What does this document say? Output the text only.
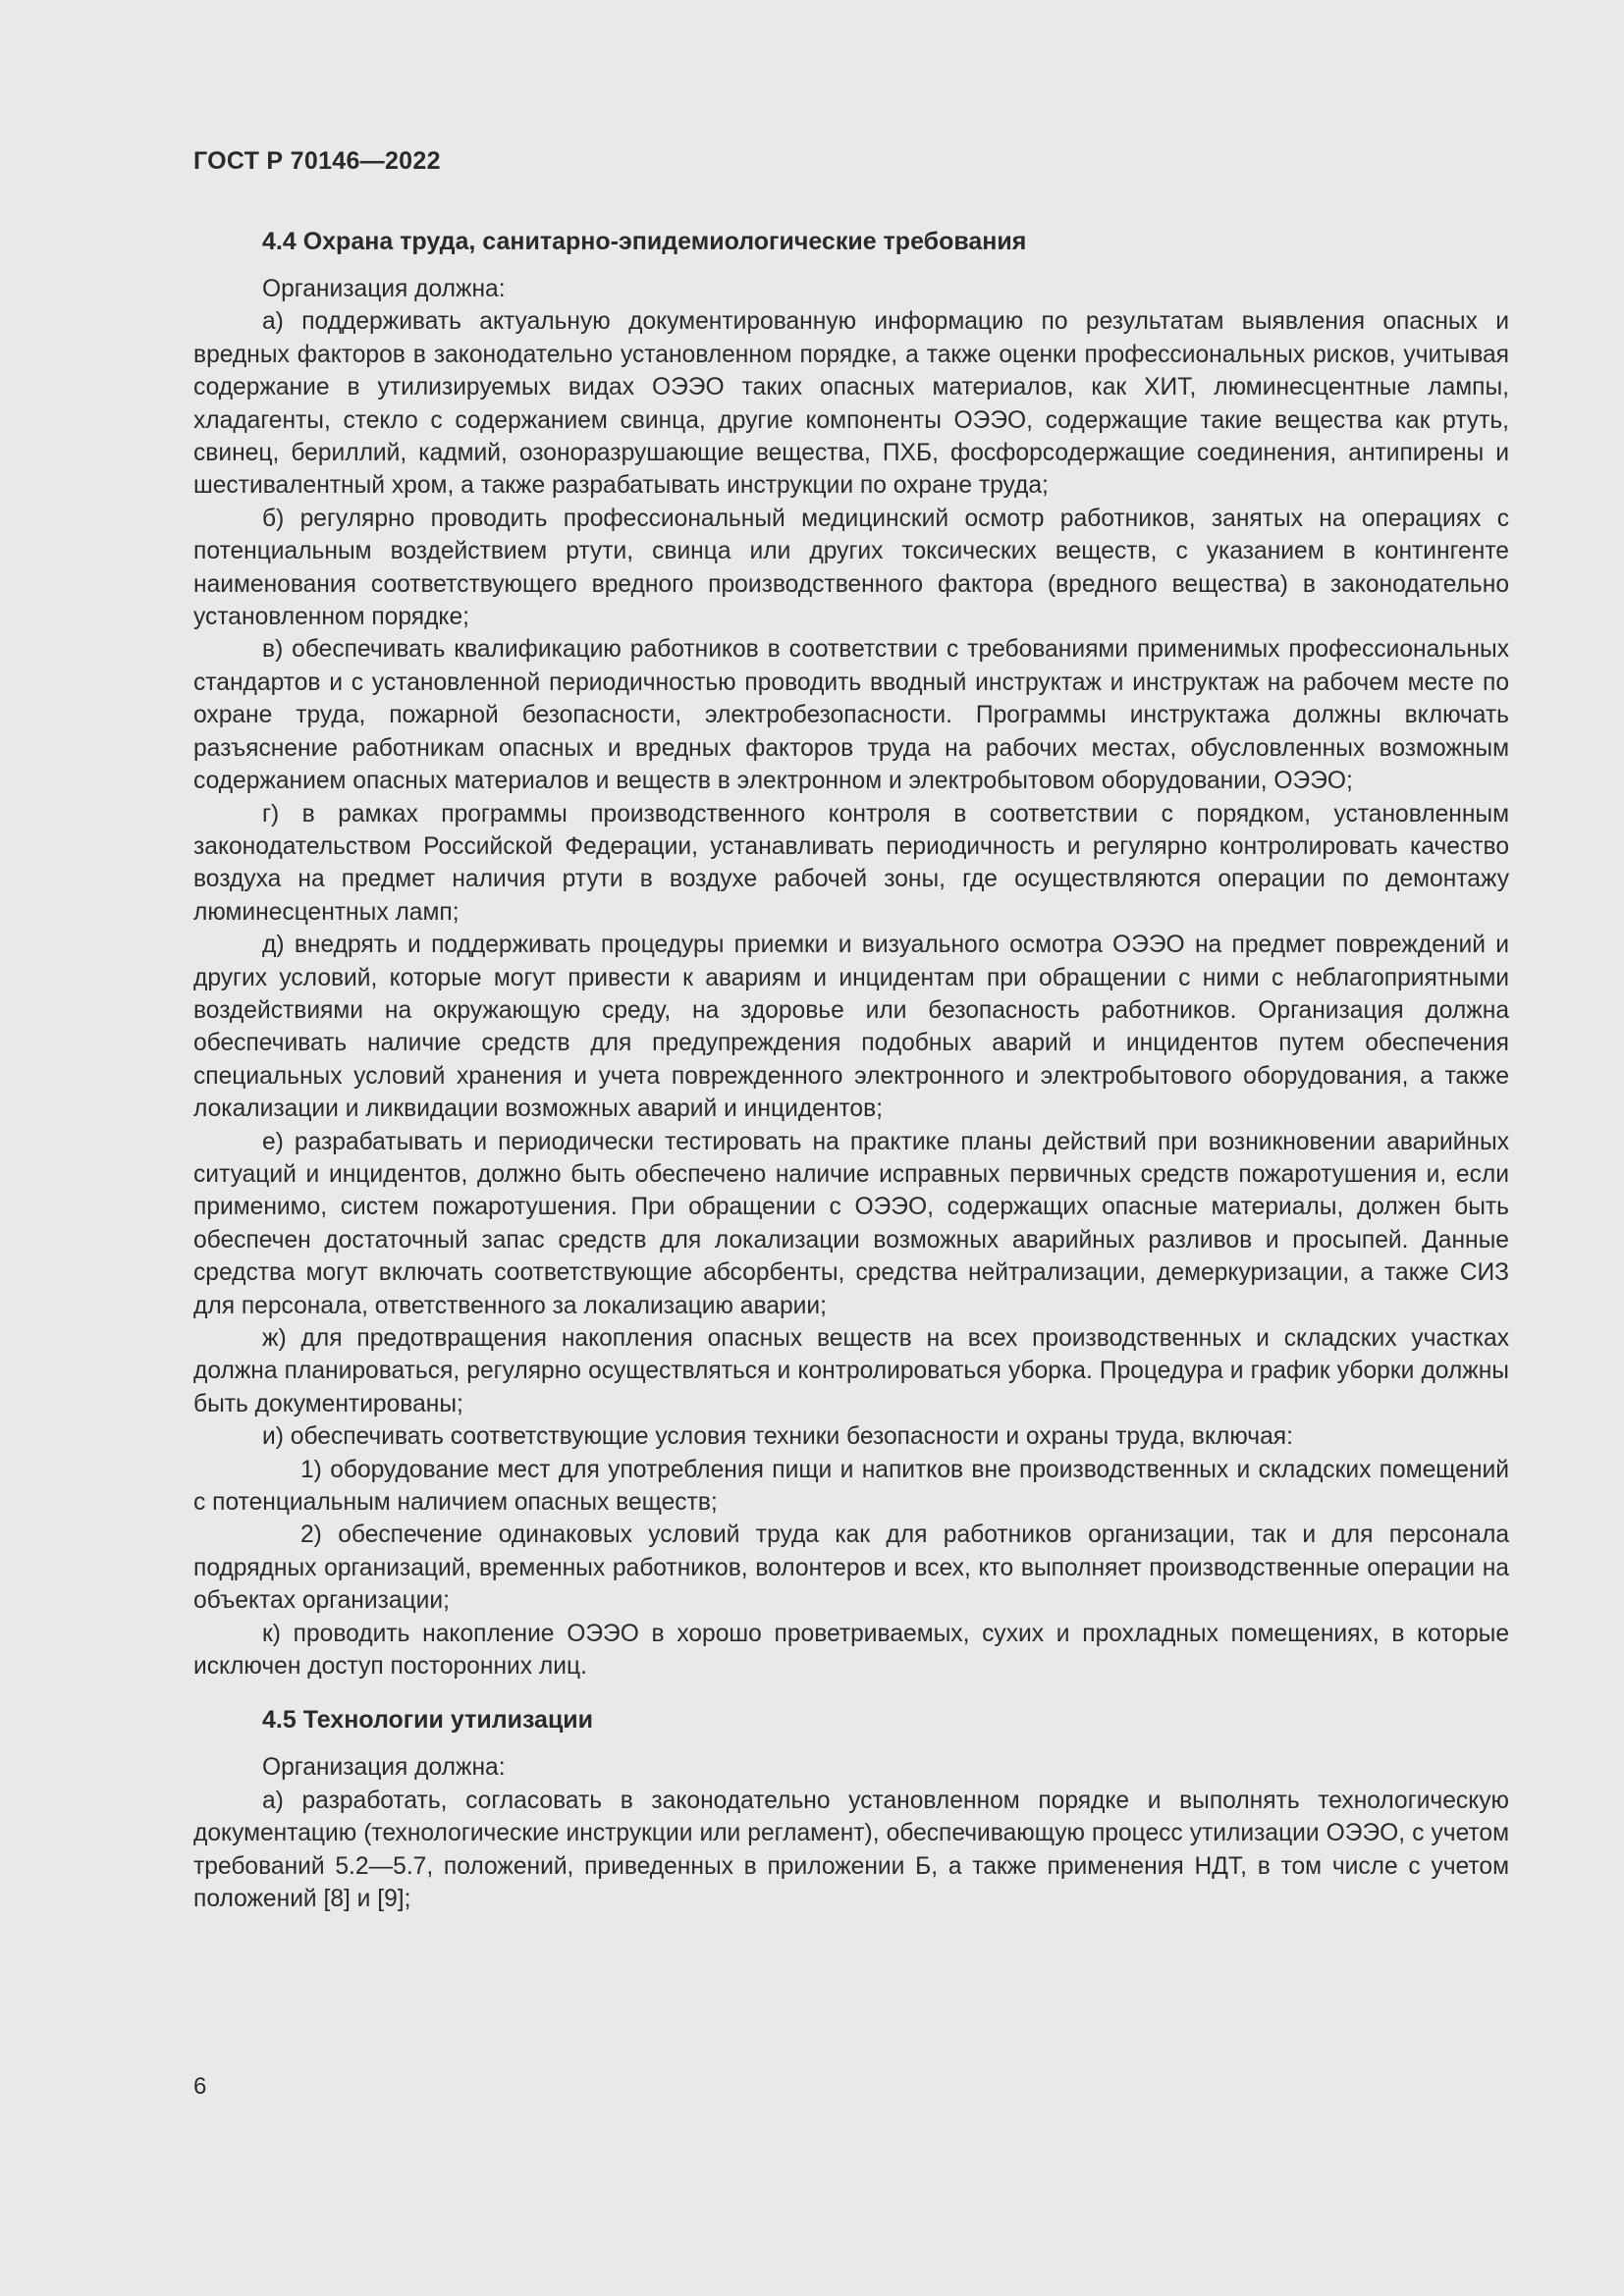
ГОСТ Р 70146—2022
4.4 Охрана труда, санитарно-эпидемиологические требования

Организация должна:

а) поддерживать актуальную документированную информацию по результатам выявления опасных и вредных факторов в законодательно установленном порядке, а также оценки профессиональных рисков, учитывая содержание в утилизируемых видах ОЭЭО таких опасных материалов, как ХИТ, люминесцентные лампы, хладагенты, стекло с содержанием свинца, другие компоненты ОЭЭО, содержащие такие вещества как ртуть, свинец, бериллий, кадмий, озоноразрушающие вещества, ПХБ, фосфорсодержащие соединения, антипирены и шестивалентный хром, а также разрабатывать инструкции по охране труда;

б) регулярно проводить профессиональный медицинский осмотр работников, занятых на операциях с потенциальным воздействием ртути, свинца или других токсических веществ, с указанием в контингенте наименования соответствующего вредного производственного фактора (вредного вещества) в законодательно установленном порядке;

в) обеспечивать квалификацию работников в соответствии с требованиями применимых профессиональных стандартов и с установленной периодичностью проводить вводный инструктаж и инструктаж на рабочем месте по охране труда, пожарной безопасности, электробезопасности. Программы инструктажа должны включать разъяснение работникам опасных и вредных факторов труда на рабочих местах, обусловленных возможным содержанием опасных материалов и веществ в электронном и электробытовом оборудовании, ОЭЭО;

г) в рамках программы производственного контроля в соответствии с порядком, установленным законодательством Российской Федерации, устанавливать периодичность и регулярно контролировать качество воздуха на предмет наличия ртути в воздухе рабочей зоны, где осуществляются операции по демонтажу люминесцентных ламп;

д) внедрять и поддерживать процедуры приемки и визуального осмотра ОЭЭО на предмет повреждений и других условий, которые могут привести к авариям и инцидентам при обращении с ними с неблагоприятными воздействиями на окружающую среду, на здоровье или безопасность работников. Организация должна обеспечивать наличие средств для предупреждения подобных аварий и инцидентов путем обеспечения специальных условий хранения и учета поврежденного электронного и электробытового оборудования, а также локализации и ликвидации возможных аварий и инцидентов;

е) разрабатывать и периодически тестировать на практике планы действий при возникновении аварийных ситуаций и инцидентов, должно быть обеспечено наличие исправных первичных средств пожаротушения и, если применимо, систем пожаротушения. При обращении с ОЭЭО, содержащих опасные материалы, должен быть обеспечен достаточный запас средств для локализации возможных аварийных разливов и просыпей. Данные средства могут включать соответствующие абсорбенты, средства нейтрализации, демеркуризации, а также СИЗ для персонала, ответственного за локализацию аварии;

ж) для предотвращения накопления опасных веществ на всех производственных и складских участках должна планироваться, регулярно осуществляться и контролироваться уборка. Процедура и график уборки должны быть документированы;

и) обеспечивать соответствующие условия техники безопасности и охраны труда, включая:

1) оборудование мест для употребления пищи и напитков вне производственных и складских помещений с потенциальным наличием опасных веществ;

2) обеспечение одинаковых условий труда как для работников организации, так и для персонала подрядных организаций, временных работников, волонтеров и всех, кто выполняет производственные операции на объектах организации;

к) проводить накопление ОЭЭО в хорошо проветриваемых, сухих и прохладных помещениях, в которые исключен доступ посторонних лиц.

4.5 Технологии утилизации

Организация должна:

а) разработать, согласовать в законодательно установленном порядке и выполнять технологическую документацию (технологические инструкции или регламент), обеспечивающую процесс утилизации ОЭЭО, с учетом требований 5.2—5.7, положений, приведенных в приложении Б, а также применения НДТ, в том числе с учетом положений [8] и [9];

6
